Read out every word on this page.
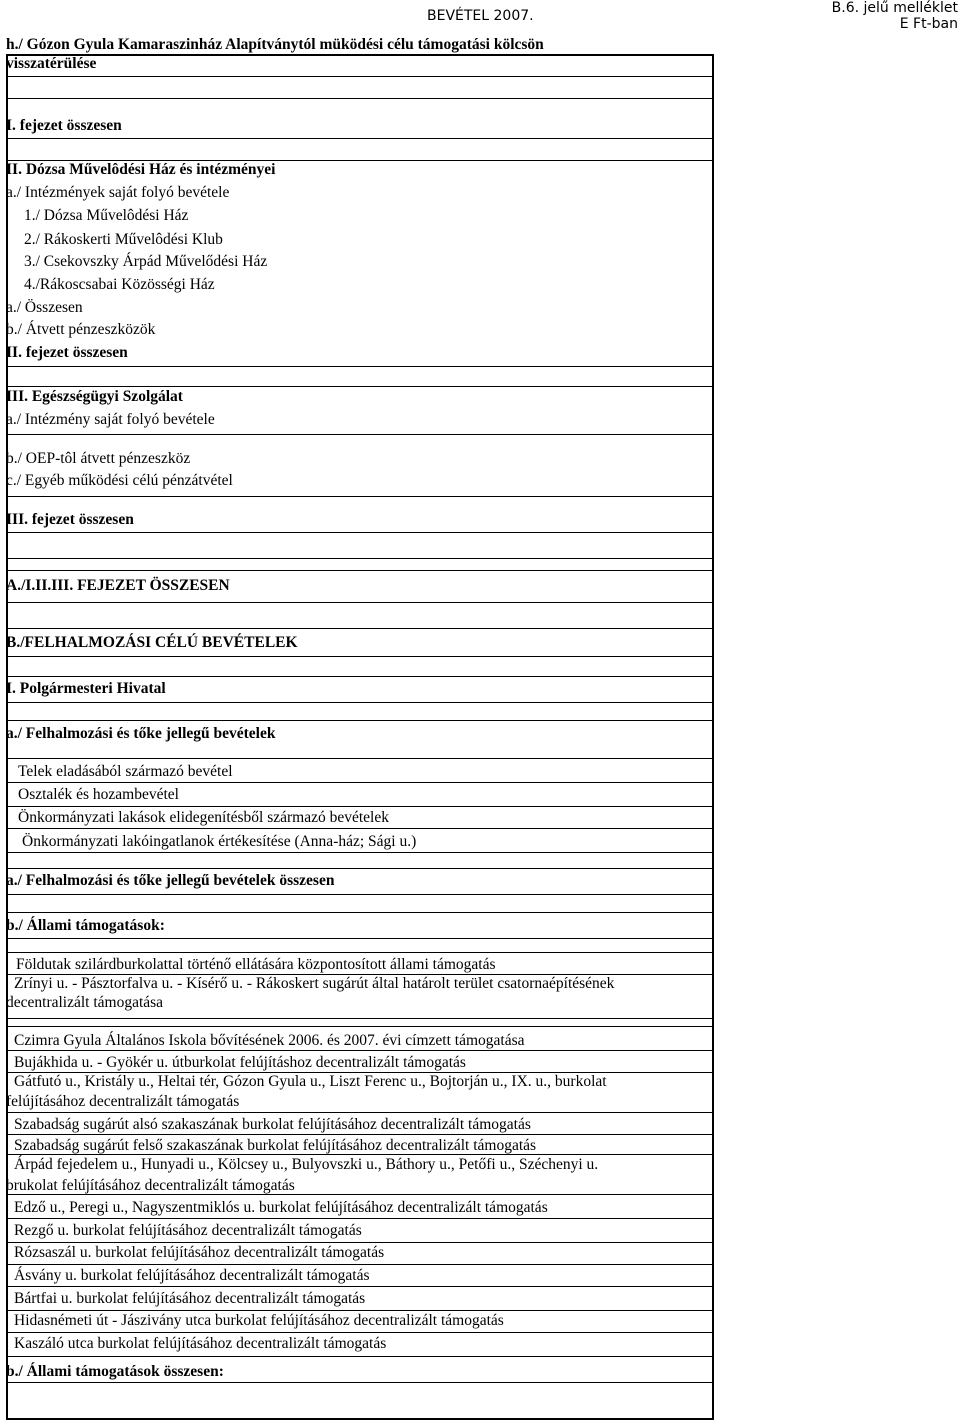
BEVÉTEL 2007.	B.6. jelű melléklet
E Ft-ban
h./ Gózon Gyula Kamaraszinház Alapítványtól müködési célu támogatási kölcsön
visszatérülése
I. fejezet összesen
II. Dózsa Művelôdési Ház és intézményei
a./ Intézmények saját folyó bevétele
1./ Dózsa Művelôdési Ház
2./ Rákoskerti Művelôdési Klub
3./ Csekovszky Árpád Művelődési Ház
4./Rákoscsabai Közösségi Ház
a./ Összesen
b./ Átvett pénzeszközök
II. fejezet összesen
III. Egészségügyi Szolgálat
a./ Intézmény saját folyó bevétele
b./ OEP-tôl átvett pénzeszköz
c./ Egyéb működési célú pénzátvétel
III. fejezet összesen
A./I.II.III. FEJEZET ÖSSZESEN
B./FELHALMOZÁSI CÉLÚ BEVÉTELEK
I. Polgármesteri Hivatal
a./ Felhalmozási és tőke jellegű bevételek
Telek eladásából származó bevétel
Osztalék és hozambevétel
Önkormányzati lakások elidegenítésből származó bevételek
Önkormányzati lakóingatlanok értékesítése (Anna-ház; Sági u.)
a./ Felhalmozási és tőke jellegű bevételek összesen
b./ Állami támogatások:
Földutak szilárdburkolattal történő ellátására központosított állami támogatás
Zrínyi u. - Pásztorfalva u. - Kísérő u. - Rákoskert sugárút által határolt terület csatornaépítésének
decentralizált támogatása
Czimra Gyula Általános Iskola bővítésének 2006. és 2007. évi címzett támogatása
Bujákhida u. - Gyökér u. útburkolat felújításhoz decentralizált támogatás
Gátfutó u., Kristály u., Heltai tér, Gózon Gyula u., Liszt Ferenc u., Bojtorján u., IX. u., burkolat
felújításához decentralizált támogatás
Szabadság sugárút alsó szakaszának burkolat felújításához decentralizált támogatás
Szabadság sugárút felső szakaszának burkolat felújításához decentralizált támogatás
Árpád fejedelem u., Hunyadi u., Kölcsey u., Bulyovszki u., Báthory u., Petőfi u., Széchenyi u.
brukolat felújításához decentralizált támogatás
Edző u., Peregi u., Nagyszentmiklós u. burkolat felújításához decentralizált támogatás
Rezgő u. burkolat felújításához decentralizált támogatás
Rózsaszál u. burkolat felújításához decentralizált támogatás
Ásvány u. burkolat felújításához decentralizált támogatás
Bártfai u. burkolat felújításához decentralizált támogatás
Hidasnémeti út - Jászivány utca burkolat felújításához decentralizált támogatás
Kaszáló utca burkolat felújításához decentralizált támogatás
b./ Állami támogatások összesen:
